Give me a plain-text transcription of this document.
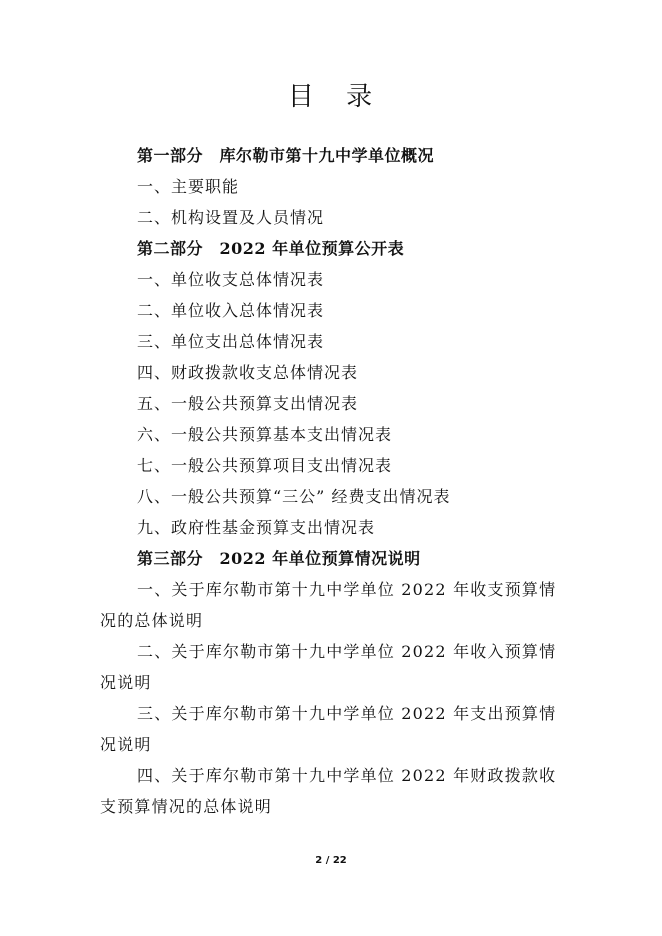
目 录
第一部分　库尔勒市第十九中学单位概况
一、主要职能
二、机构设置及人员情况
第二部分　2022 年单位预算公开表
一、单位收支总体情况表
二、单位收入总体情况表
三、单位支出总体情况表
四、财政拨款收支总体情况表
五、一般公共预算支出情况表
六、一般公共预算基本支出情况表
七、一般公共预算项目支出情况表
八、一般公共预算“三公” 经费支出情况表
九、政府性基金预算支出情况表
第三部分　2022 年单位预算情况说明
一、关于库尔勒市第十九中学单位 2022 年收支预算情况的总体说明
二、关于库尔勒市第十九中学单位 2022 年收入预算情况说明
三、关于库尔勒市第十九中学单位 2022 年支出预算情况说明
四、关于库尔勒市第十九中学单位 2022 年财政拨款收支预算情况的总体说明
2 / 22
